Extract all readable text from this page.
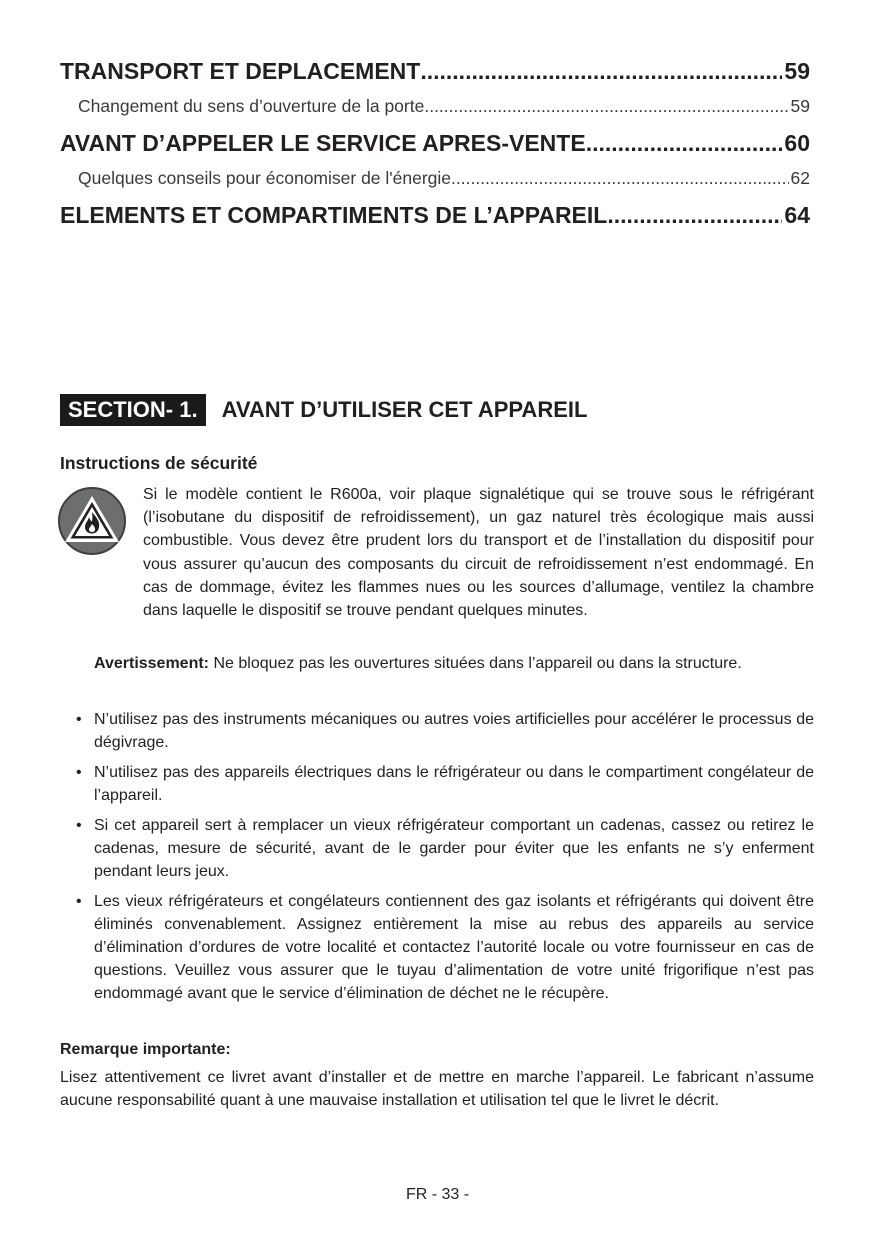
TRANSPORT ET DEPLACEMENT .....	59
Changement du sens d’ouverture de la porte .....	59
AVANT D’APPELER LE SERVICE APRES-VENTE .....	60
Quelques conseils pour économiser de l'énergie .....	62
ELEMENTS ET COMPARTIMENTS DE L’APPAREIL .....	64
SECTION- 1.	AVANT D’UTILISER CET APPAREIL
Instructions de sécurité

Si le modèle contient le R600a, voir plaque signalétique qui se trouve sous le réfrigérant (l’isobutane du dispositif de refroidissement), un gaz naturel très écologique mais aussi combustible. Vous devez être prudent lors du transport et de l’installation du dispositif pour vous assurer qu’aucun des composants du circuit de refroidissement n’est endommagé. En cas de dommage, évitez les flammes nues ou les sources d’allumage, ventilez la chambre dans laquelle le dispositif se trouve pendant quelques minutes.

Avertissement: Ne bloquez pas les ouvertures situées dans l’appareil ou dans la structure.

• N’utilisez pas des instruments mécaniques ou autres voies artificielles pour accélérer le processus de dégivrage.
• N’utilisez pas des appareils électriques dans le réfrigérateur ou dans le compartiment congélateur de l’appareil.
• Si cet appareil sert à remplacer un vieux réfrigérateur comportant un cadenas, cassez ou retirez le cadenas, mesure de sécurité, avant de le garder pour éviter que les enfants ne s’y enferment pendant leurs jeux.
• Les vieux réfrigérateurs et congélateurs contiennent des gaz isolants et réfrigérants qui doivent être éliminés convenablement. Assignez entièrement la mise au rebus des appareils au service d’élimination d’ordures de votre localité et contactez l’autorité locale ou votre fournisseur en cas de questions. Veuillez vous assurer que le tuyau d’alimentation de votre unité frigorifique n’est pas endommagé avant que le service d’élimination de déchet ne le récupère.
Remarque importante:

Lisez attentivement ce livret avant d’installer et de mettre en marche l’appareil. Le fabricant n’assume aucune responsabilité quant à une mauvaise installation et utilisation tel que le livret le décrit.

FR - 33 -
